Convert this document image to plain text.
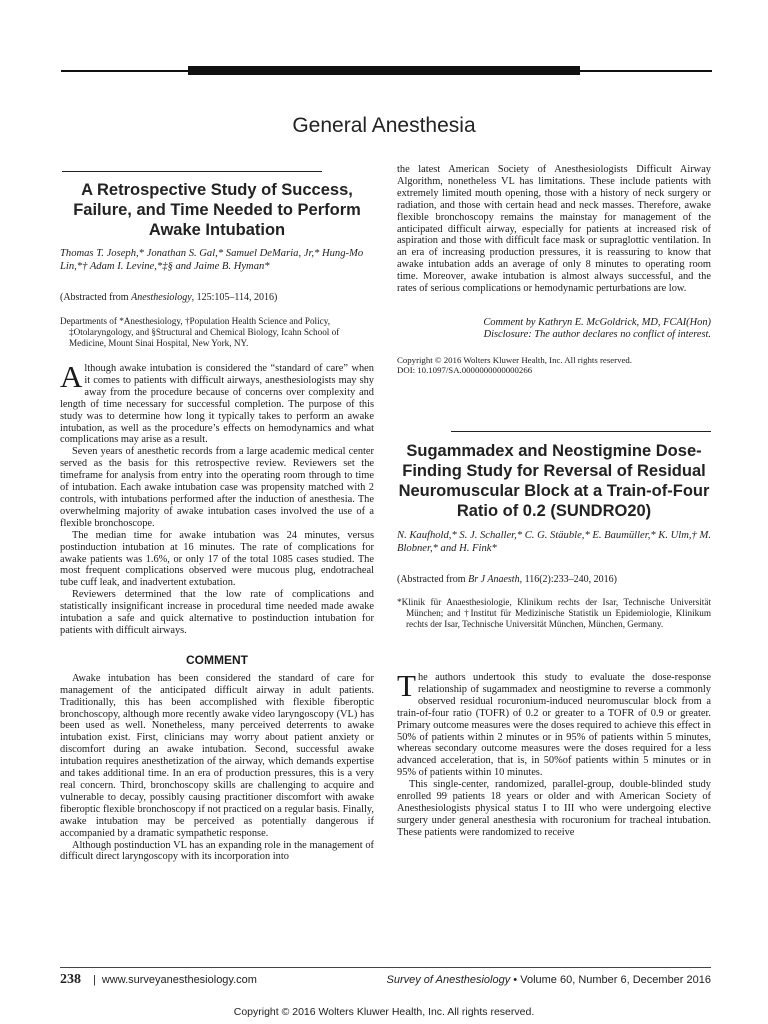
General Anesthesia
A Retrospective Study of Success, Failure, and Time Needed to Perform Awake Intubation

Thomas T. Joseph,* Jonathan S. Gal,* Samuel DeMaria, Jr,* Hung-Mo Lin,*† Adam I. Levine,*‡§ and Jaime B. Hyman*

(Abstracted from Anesthesiology, 125:105–114, 2016)

Departments of *Anesthesiology, †Population Health Science and Policy, ‡Otolaryngology, and §Structural and Chemical Biology, Icahn School of Medicine, Mount Sinai Hospital, New York, NY.

Although awake intubation is considered the “standard of care” when it comes to patients with difficult airways, anesthesiologists may shy away from the procedure because of concerns over complexity and length of time necessary for successful completion. The purpose of this study was to determine how long it typically takes to perform an awake intubation, as well as the procedure’s effects on hemodynamics and what complications may arise as a result.

Seven years of anesthetic records from a large academic medical center served as the basis for this retrospective review. Reviewers set the timeframe for analysis from entry into the operating room through to time of intubation. Each awake intubation case was propensity matched with 2 controls, with intubations performed after the induction of anesthesia. The overwhelming majority of awake intubation cases involved the use of a flexible bronchoscope.

The median time for awake intubation was 24 minutes, versus postinduction intubation at 16 minutes. The rate of complications for awake patients was 1.6%, or only 17 of the total 1085 cases studied. The most frequent complications observed were mucous plug, endotracheal tube cuff leak, and inadvertent extubation.

Reviewers determined that the low rate of complications and statistically insignificant increase in procedural time needed made awake intubation a safe and quick alternative to postinduction intubation for patients with difficult airways.

COMMENT

Awake intubation has been considered the standard of care for management of the anticipated difficult airway in adult patients. Traditionally, this has been accomplished with flexible fiberoptic bronchoscopy, although more recently awake video laryngoscopy (VL) has been used as well. Nonetheless, many perceived deterrents to awake intubation exist. First, clinicians may worry about patient anxiety or discomfort during an awake intubation. Second, successful awake intubation requires anesthetization of the airway, which demands expertise and takes additional time. In an era of production pressures, this is a very real concern. Third, bronchoscopy skills are challenging to acquire and vulnerable to decay, possibly causing practitioner discomfort with awake fiberoptic flexible bronchoscopy if not practiced on a regular basis. Finally, awake intubation may be perceived as potentially dangerous if accompanied by a dramatic sympathetic response.

Although postinduction VL has an expanding role in the management of difficult direct laryngoscopy with its incorporation into

the latest American Society of Anesthesiologists Difficult Airway Algorithm, nonetheless VL has limitations. These include patients with extremely limited mouth opening, those with a history of neck surgery or radiation, and those with certain head and neck masses. Therefore, awake flexible bronchoscopy remains the mainstay for management of the anticipated difficult airway, especially for patients at increased risk of aspiration and those with difficult face mask or supraglottic ventilation. In an era of increasing production pressures, it is reassuring to know that awake intubation adds an average of only 8 minutes to operating room time. Moreover, awake intubation is almost always successful, and the rates of serious complications or hemodynamic perturbations are low.

Comment by Kathryn E. McGoldrick, MD, FCAI(Hon)

Disclosure: The author declares no conflict of interest.

Copyright © 2016 Wolters Kluwer Health, Inc. All rights reserved.

DOI: 10.1097/SA.0000000000000266

Sugammadex and Neostigmine Dose-Finding Study for Reversal of Residual Neuromuscular Block at a Train-of-Four Ratio of 0.2 (SUNDRO20)

N. Kaufhold,* S. J. Schaller,* C. G. Stäuble,* E. Baumüller,* K. Ulm,† M. Blobner,* and H. Fink*

(Abstracted from Br J Anaesth, 116(2):233–240, 2016)

*Klinik für Anaesthesiologie, Klinikum rechts der Isar, Technische Universität München; and †Institut für Medizinische Statistik un Epidemiologie, Klinikum rechts der Isar, Technische Universität München, München, Germany.

The authors undertook this study to evaluate the dose-response relationship of sugammadex and neostigmine to reverse a commonly observed residual rocuronium-induced neuromuscular block from a train-of-four ratio (TOFR) of 0.2 or greater to a TOFR of 0.9 or greater. Primary outcome measures were the doses required to achieve this effect in 50% of patients within 2 minutes or in 95% of patients within 5 minutes, whereas secondary outcome measures were the doses required for a less advanced acceleration, that is, in 50%of patients within 5 minutes or in 95% of patients within 10 minutes.

This single-center, randomized, parallel-group, double-blinded study enrolled 99 patients 18 years or older and with American Society of Anesthesiologists physical status I to III who were undergoing elective surgery under general anesthesia with rocuronium for tracheal intubation. These patients were randomized to receive

238 | www.surveyanesthesiology.com	Survey of Anesthesiology • Volume 60, Number 6, December 2016
Copyright © 2016 Wolters Kluwer Health, Inc. All rights reserved.
